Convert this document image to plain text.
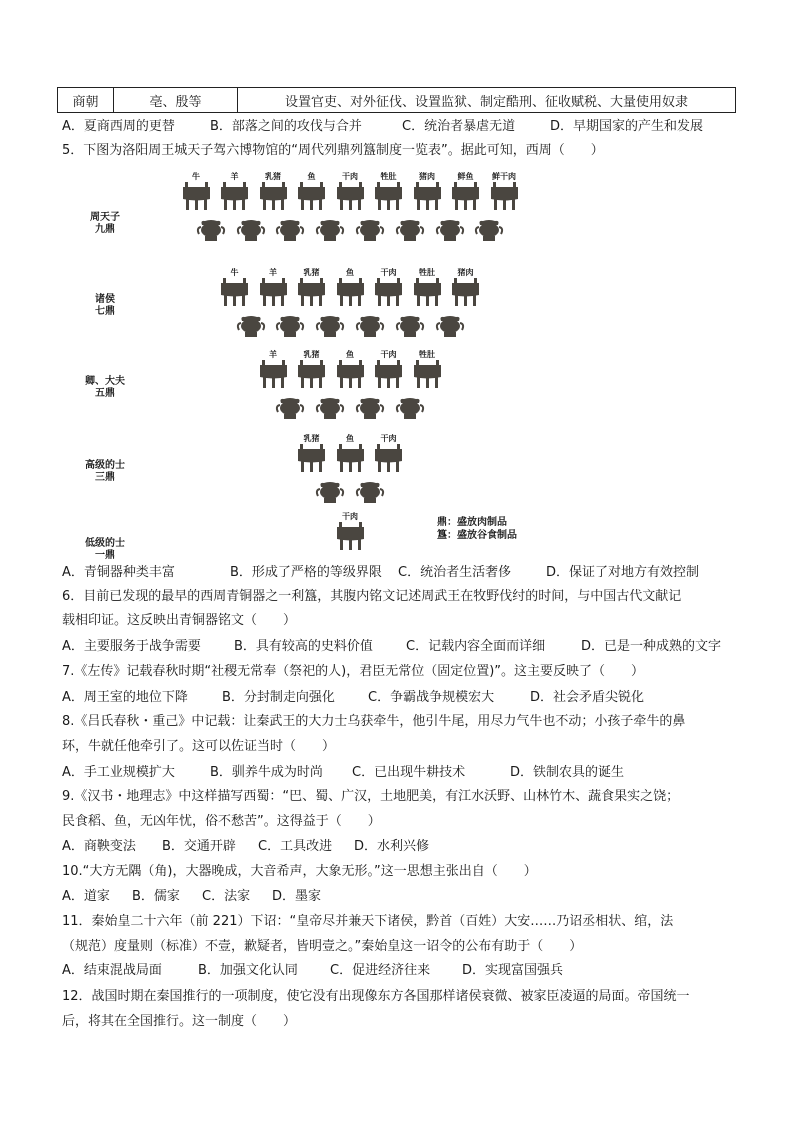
商朝	亳、殷等	设置官吏、对外征伐、设置监狱、制定酷刑、征收赋税、大量使用奴隶
A．夏商西周的更替	B．部落之间的攻伐与合并	C．统治者暴虐无道	D．早期国家的产生和发展
5．下图为洛阳周王城天子驾六博物馆的“周代列鼎列簋制度一览表”。据此可知，西周（　　）
周天子
九鼎
牛	羊	乳猪	鱼	干肉	牲肚	猪肉	鲜鱼	鲜干肉
诸侯
七鼎
牛	羊	乳猪	鱼	干肉	牲肚	猪肉
卿、大夫
五鼎
羊	乳猪	鱼	干肉	牲肚
高级的士
三鼎
乳猪	鱼	干肉
低级的士
一鼎
干肉
鼎：盛放肉制品
簋：盛放谷食制品
A．青铜器种类丰富	B．形成了严格的等级界限 C．统治者生活奢侈	D．保证了对地方有效控制
6．目前已发现的最早的西周青铜器之一利簋，其腹内铭文记述周武王在牧野伐纣的时间，与中国古代文献记
载相印证。这反映出青铜器铭文（　　）
A．主要服务于战争需要	B．具有较高的史料价值	C．记载内容全面而详细	D．已是一种成熟的文字
7.《左传》记载春秋时期“社稷无常奉（祭祀的人)，君臣无常位（固定位置)”。这主要反映了（　　）
A．周王室的地位下降	B．分封制走向强化	C．争霸战争规模宏大	D．社会矛盾尖锐化
8.《吕氏春秋・重己》中记载：让秦武王的大力士乌获牵牛，他引牛尾，用尽力气牛也不动；小孩子牵牛的鼻
环，牛就任他牵引了。这可以佐证当时（　　）
A．手工业规模扩大	B．驯养牛成为时尚 C．已出现牛耕技术	D．铁制农具的诞生
9.《汉书・地理志》中这样描写西蜀：“巴、蜀、广汉，土地肥美，有江水沃野、山林竹木、蔬食果实之饶；
民食稻、鱼，无凶年忧，俗不愁苦”。这得益于（　　）
A．商鞅变法 B．交通开辟 C．工具改进 D．水利兴修
10.“大方无隅（角)，大器晚成，大音希声，大象无形。”这一思想主张出自（　　）
A．道家 B．儒家 C．法家 D．墨家
11．秦始皇二十六年（前 221）下诏：“皇帝尽并兼天下诸侯，黔首（百姓）大安……乃诏丞相状、绾，法
（规范）度量则（标准）不壹，歉疑者，皆明壹之。”秦始皇这一诏令的公布有助于（　　）
A．结束混战局面	B．加强文化认同 C．促进经济往来 D．实现富国强兵
12．战国时期在秦国推行的一项制度，使它没有出现像东方各国那样诸侯衰微、被家臣凌逼的局面。帝国统一
后，将其在全国推行。这一制度（　　）
